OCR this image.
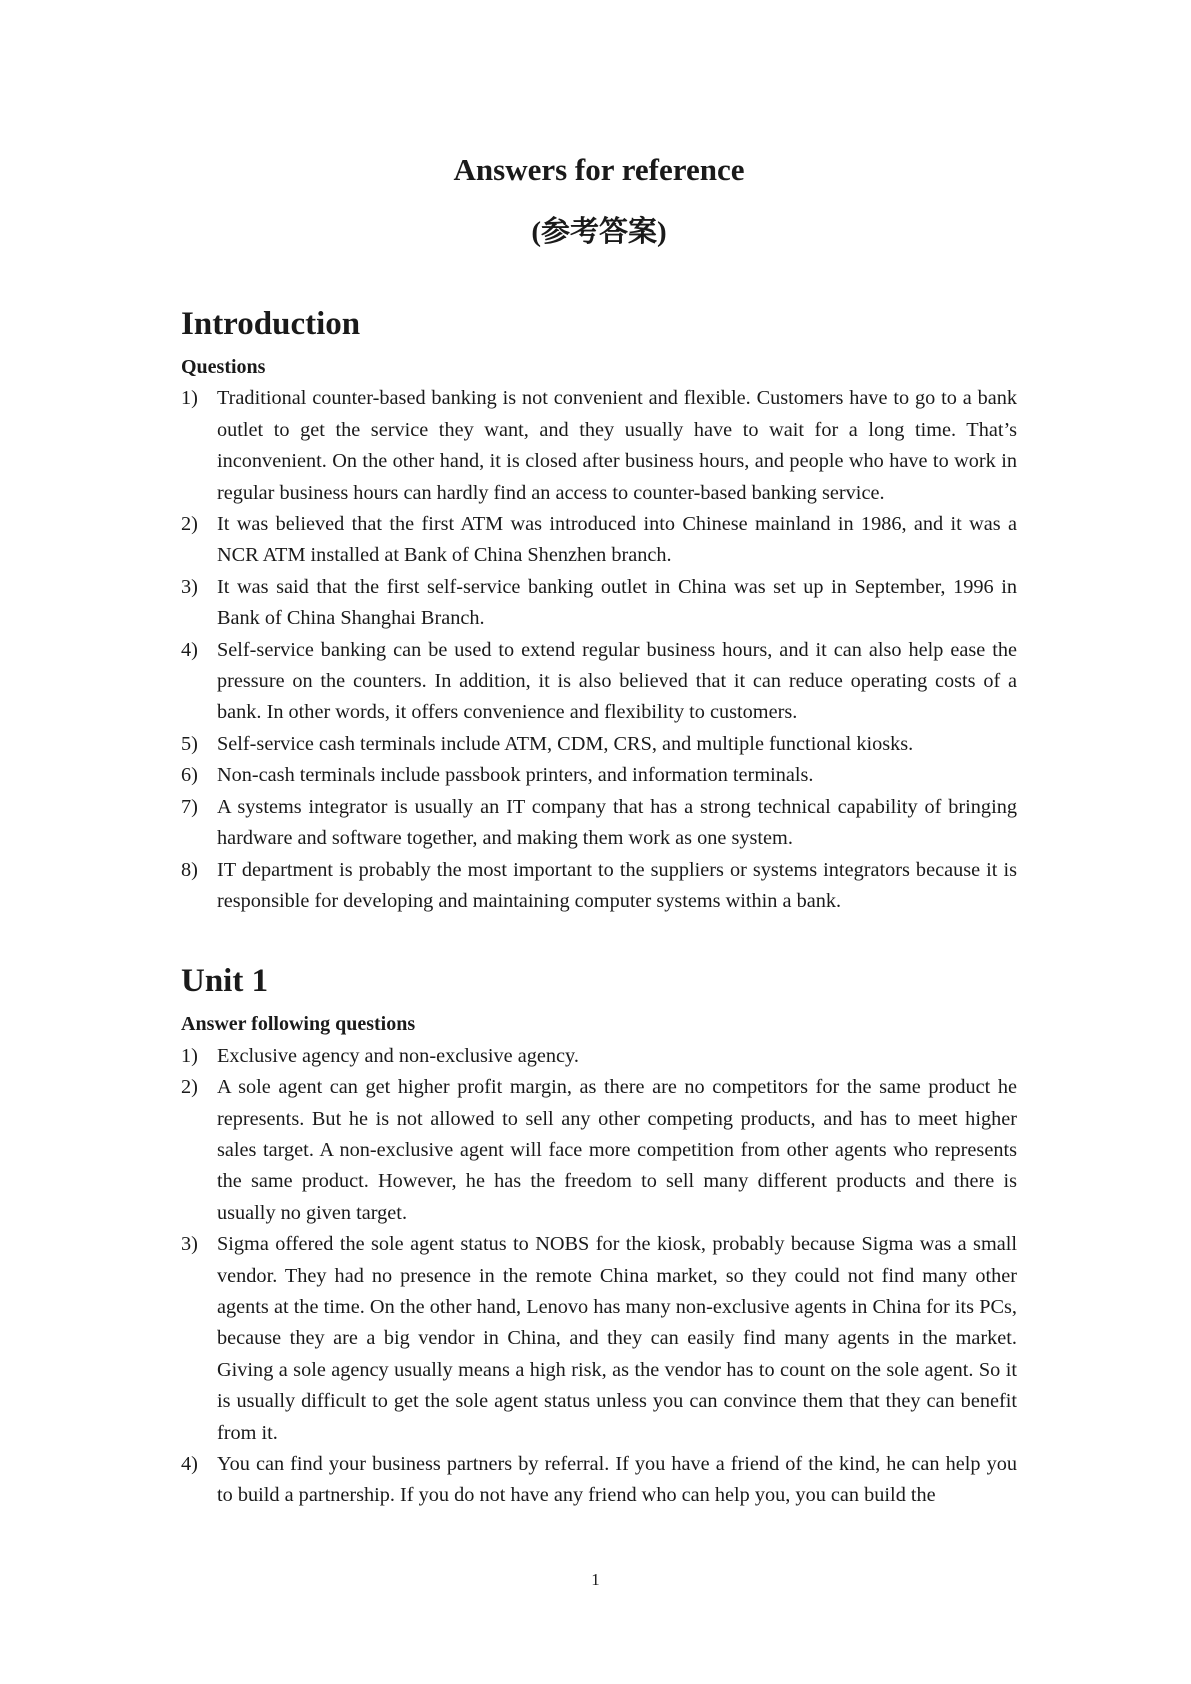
Answers for reference
(参考答案)
Introduction
Questions
1) Traditional counter-based banking is not convenient and flexible. Customers have to go to a bank outlet to get the service they want, and they usually have to wait for a long time. That’s inconvenient. On the other hand, it is closed after business hours, and people who have to work in regular business hours can hardly find an access to counter-based banking service.
2) It was believed that the first ATM was introduced into Chinese mainland in 1986, and it was a NCR ATM installed at Bank of China Shenzhen branch.
3) It was said that the first self-service banking outlet in China was set up in September, 1996 in Bank of China Shanghai Branch.
4) Self-service banking can be used to extend regular business hours, and it can also help ease the pressure on the counters. In addition, it is also believed that it can reduce operating costs of a bank. In other words, it offers convenience and flexibility to customers.
5) Self-service cash terminals include ATM, CDM, CRS, and multiple functional kiosks.
6) Non-cash terminals include passbook printers, and information terminals.
7) A systems integrator is usually an IT company that has a strong technical capability of bringing hardware and software together, and making them work as one system.
8) IT department is probably the most important to the suppliers or systems integrators because it is responsible for developing and maintaining computer systems within a bank.
Unit 1
Answer following questions
1) Exclusive agency and non-exclusive agency.
2) A sole agent can get higher profit margin, as there are no competitors for the same product he represents. But he is not allowed to sell any other competing products, and has to meet higher sales target. A non-exclusive agent will face more competition from other agents who represents the same product. However, he has the freedom to sell many different products and there is usually no given target.
3) Sigma offered the sole agent status to NOBS for the kiosk, probably because Sigma was a small vendor. They had no presence in the remote China market, so they could not find many other agents at the time. On the other hand, Lenovo has many non-exclusive agents in China for its PCs, because they are a big vendor in China, and they can easily find many agents in the market. Giving a sole agency usually means a high risk, as the vendor has to count on the sole agent. So it is usually difficult to get the sole agent status unless you can convince them that they can benefit from it.
4) You can find your business partners by referral. If you have a friend of the kind, he can help you to build a partnership. If you do not have any friend who can help you, you can build the
1
